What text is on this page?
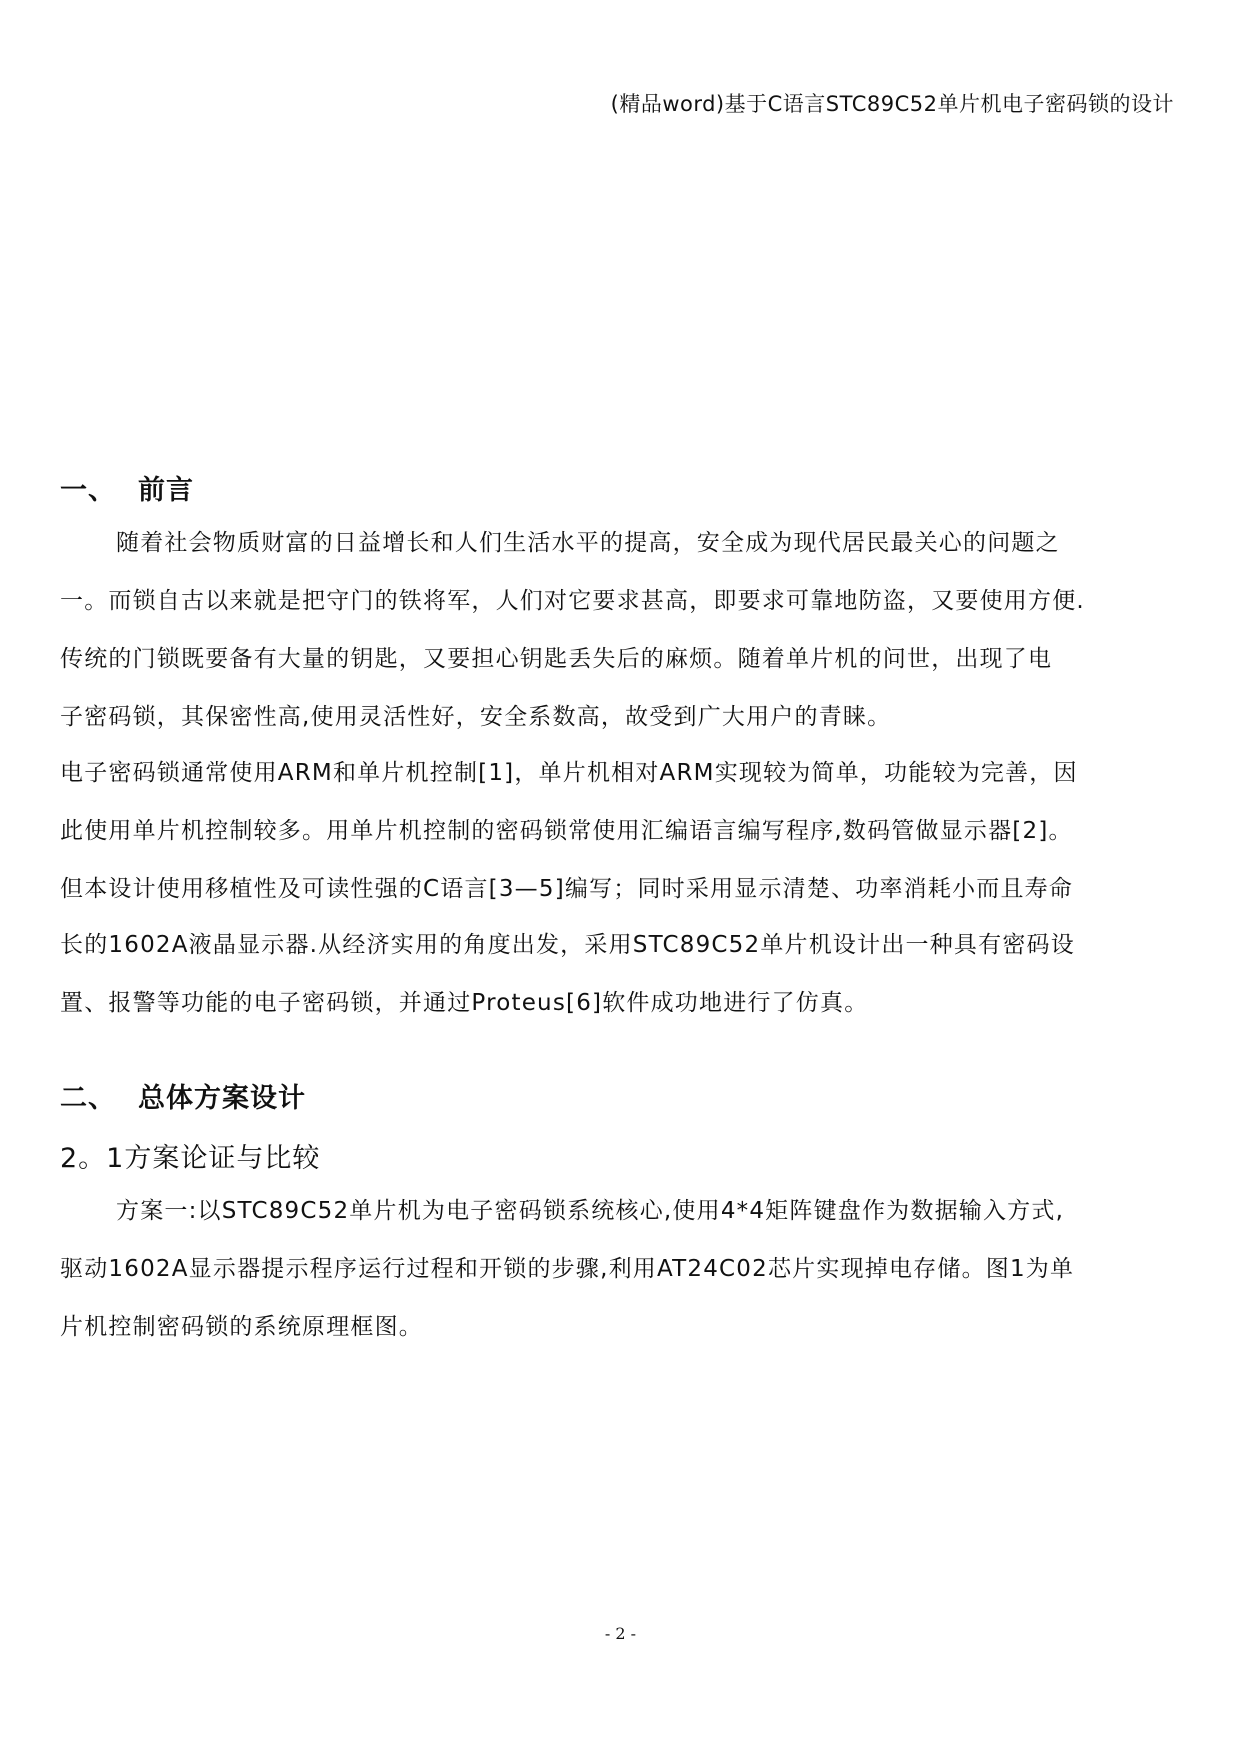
(精品word)基于C语言STC89C52单片机电子密码锁的设计
一、 前言
随着社会物质财富的日益增长和人们生活水平的提高，安全成为现代居民最关心的问题之
一。而锁自古以来就是把守门的铁将军，人们对它要求甚高，即要求可靠地防盗，又要使用方便.
传统的门锁既要备有大量的钥匙，又要担心钥匙丢失后的麻烦。随着单片机的问世，出现了电
子密码锁，其保密性高,使用灵活性好，安全系数高，故受到广大用户的青睐。
电子密码锁通常使用ARM和单片机控制[1]，单片机相对ARM实现较为简单，功能较为完善，因
此使用单片机控制较多。用单片机控制的密码锁常使用汇编语言编写程序,数码管做显示器[2]。
但本设计使用移植性及可读性强的C语言[3—5]编写；同时采用显示清楚、功率消耗小而且寿命
长的1602A液晶显示器.从经济实用的角度出发，采用STC89C52单片机设计出一种具有密码设
置、报警等功能的电子密码锁，并通过Proteus[6]软件成功地进行了仿真。
二、 总体方案设计
2。1方案论证与比较
方案一:以STC89C52单片机为电子密码锁系统核心,使用4*4矩阵键盘作为数据输入方式,
驱动1602A显示器提示程序运行过程和开锁的步骤,利用AT24C02芯片实现掉电存储。图1为单
片机控制密码锁的系统原理框图。
- 2 -
